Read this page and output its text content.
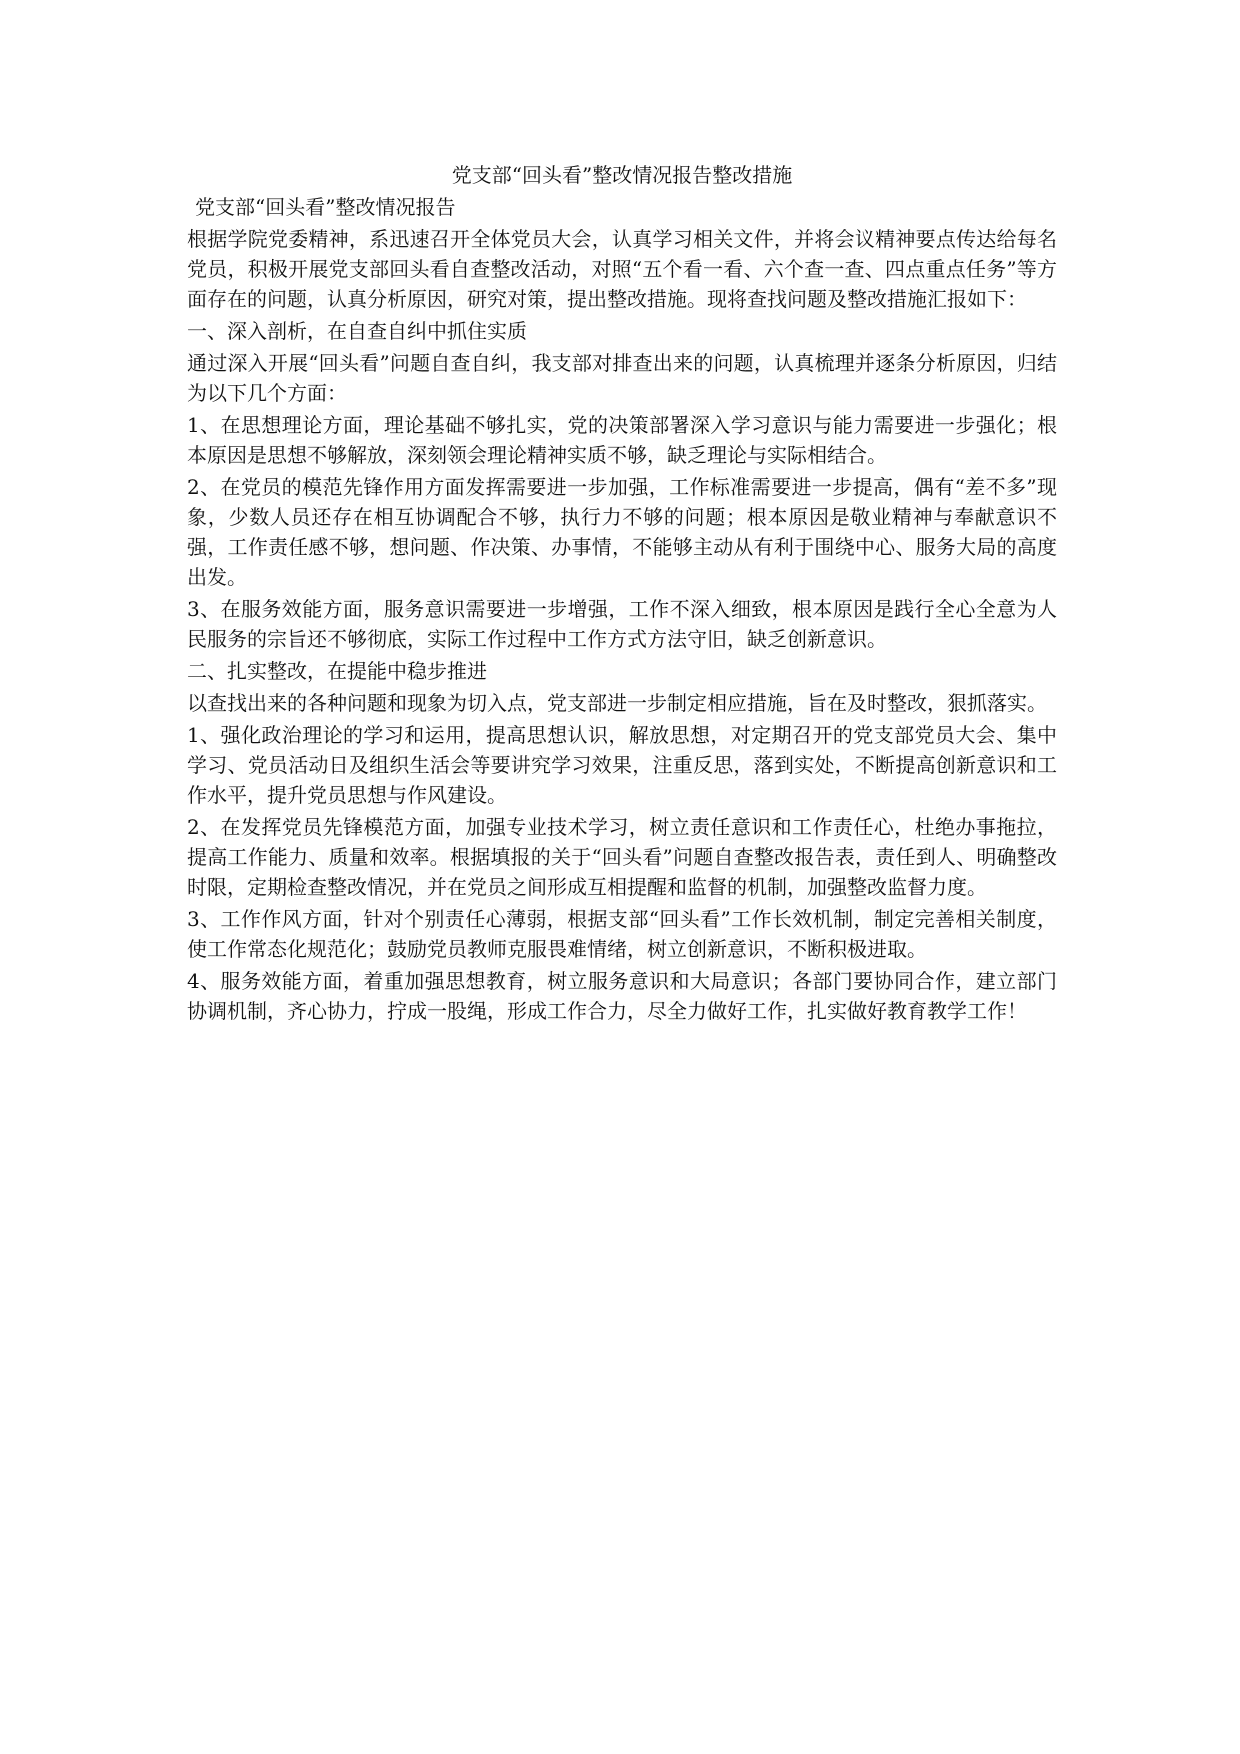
党支部“回头看”整改情况报告整改措施
党支部“回头看”整改情况报告
根据学院党委精神，系迅速召开全体党员大会，认真学习相关文件，并将会议精神要点传达给每名党员，积极开展党支部回头看自查整改活动，对照“五个看一看、六个查一查、四点重点任务”等方面存在的问题，认真分析原因，研究对策，提出整改措施。现将查找问题及整改措施汇报如下：
一、深入剖析，在自查自纠中抓住实质
通过深入开展“回头看”问题自查自纠，我支部对排查出来的问题，认真梳理并逐条分析原因，归结为以下几个方面：
1、在思想理论方面，理论基础不够扎实，党的决策部署深入学习意识与能力需要进一步强化；根本原因是思想不够解放，深刻领会理论精神实质不够，缺乏理论与实际相结合。
2、在党员的模范先锋作用方面发挥需要进一步加强，工作标准需要进一步提高，偶有“差不多”现象，少数人员还存在相互协调配合不够，执行力不够的问题；根本原因是敬业精神与奉献意识不强，工作责任感不够，想问题、作决策、办事情，不能够主动从有利于围绕中心、服务大局的高度出发。
3、在服务效能方面，服务意识需要进一步增强，工作不深入细致，根本原因是践行全心全意为人民服务的宗旨还不够彻底，实际工作过程中工作方式方法守旧，缺乏创新意识。
二、扎实整改，在提能中稳步推进
以查找出来的各种问题和现象为切入点，党支部进一步制定相应措施，旨在及时整改，狠抓落实。
1、强化政治理论的学习和运用，提高思想认识，解放思想，对定期召开的党支部党员大会、集中学习、党员活动日及组织生活会等要讲究学习效果，注重反思，落到实处，不断提高创新意识和工作水平，提升党员思想与作风建设。
2、在发挥党员先锋模范方面，加强专业技术学习，树立责任意识和工作责任心，杜绝办事拖拉，提高工作能力、质量和效率。根据填报的关于“回头看”问题自查整改报告表，责任到人、明确整改时限，定期检查整改情况，并在党员之间形成互相提醒和监督的机制，加强整改监督力度。
3、工作作风方面，针对个别责任心薄弱，根据支部“回头看”工作长效机制，制定完善相关制度，使工作常态化规范化；鼓励党员教师克服畏难情绪，树立创新意识，不断积极进取。
4、服务效能方面，着重加强思想教育，树立服务意识和大局意识；各部门要协同合作，建立部门协调机制，齐心协力，拧成一股绳，形成工作合力，尽全力做好工作，扎实做好教育教学工作！
